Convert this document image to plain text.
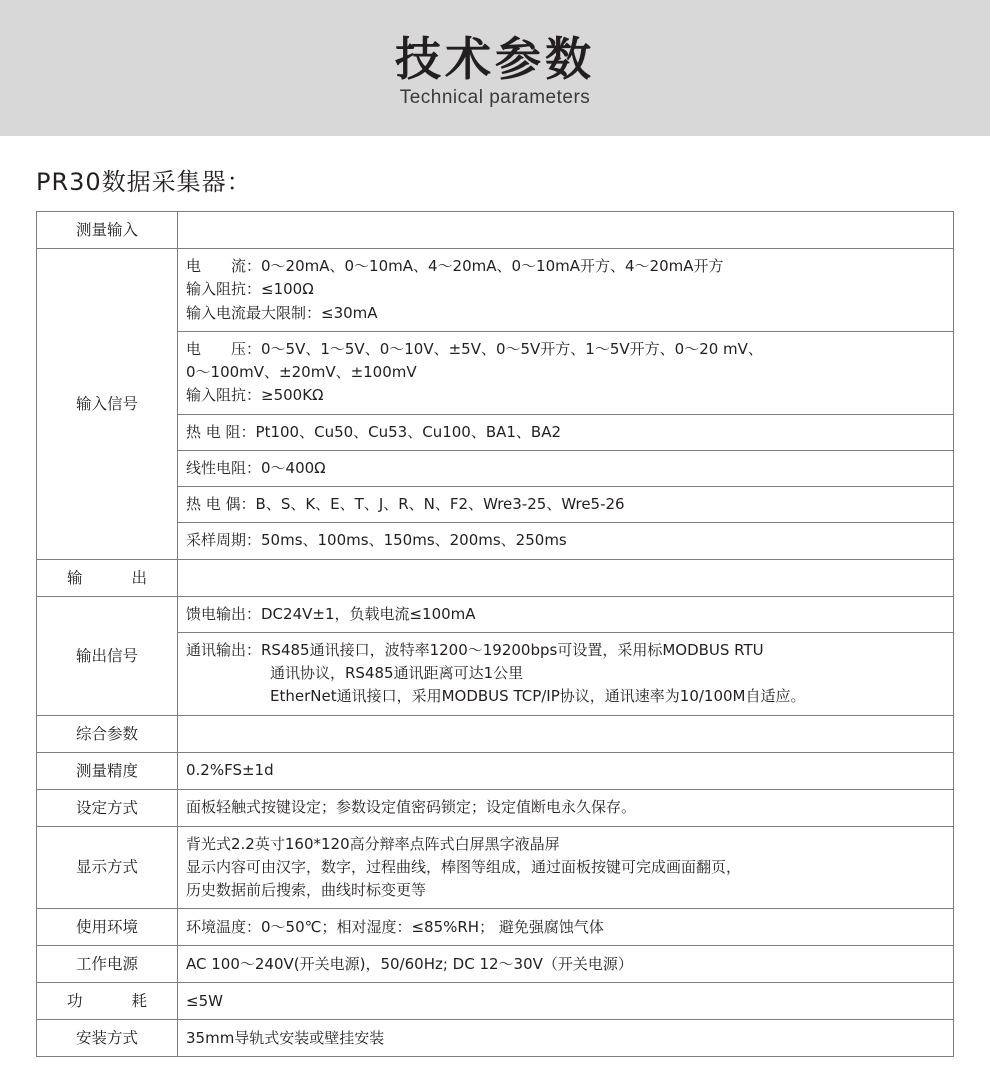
技术参数
Technical parameters
PR30数据采集器：
测量输入	
输入信号	电　　流：0～20mA、0～10mA、4～20mA、0～10mA开方、4～20mA开方
输入阻抗：≤100Ω
输入电流最大限制：≤30mA

	电　　压：0～5V、1～5V、0～10V、±5V、0～5V开方、1～5V开方、0～20 mV、
0～100mV、±20mV、±100mV
输入阻抗：≥500KΩ

	热 电 阻：Pt100、Cu50、Cu53、Cu100、BA1、BA2

	线性电阻：0～400Ω

	热 电 偶：B、S、K、E、T、J、R、N、F2、Wre3-25、Wre5-26

	采样周期：50ms、100ms、150ms、200ms、250ms

输　　出	
输出信号	馈电输出：DC24V±1，负载电流≤100mA

	通讯输出：RS485通讯接口，波特率1200～19200bps可设置，采用标MODBUS RTU
通讯协议，RS485通讯距离可达1公里
EtherNet通讯接口，采用MODBUS TCP/IP协议，通讯速率为10/100M自适应。

综合参数	
测量精度	0.2%FS±1d

设定方式	面板轻触式按键设定；参数设定值密码锁定；设定值断电永久保存。

显示方式	背光式2.2英寸160*120高分辩率点阵式白屏黑字液晶屏
显示内容可由汉字，数字，过程曲线，棒图等组成，通过面板按键可完成画面翻页，
历史数据前后搜索，曲线时标变更等

使用环境	环境温度：0～50℃；相对湿度：≤85%RH； 避免强腐蚀气体

工作电源	AC 100～240V(开关电源)，50/60Hz; DC 12～30V（开关电源）

功　　耗	≤5W

安装方式	35mm导轨式安装或壁挂安装
